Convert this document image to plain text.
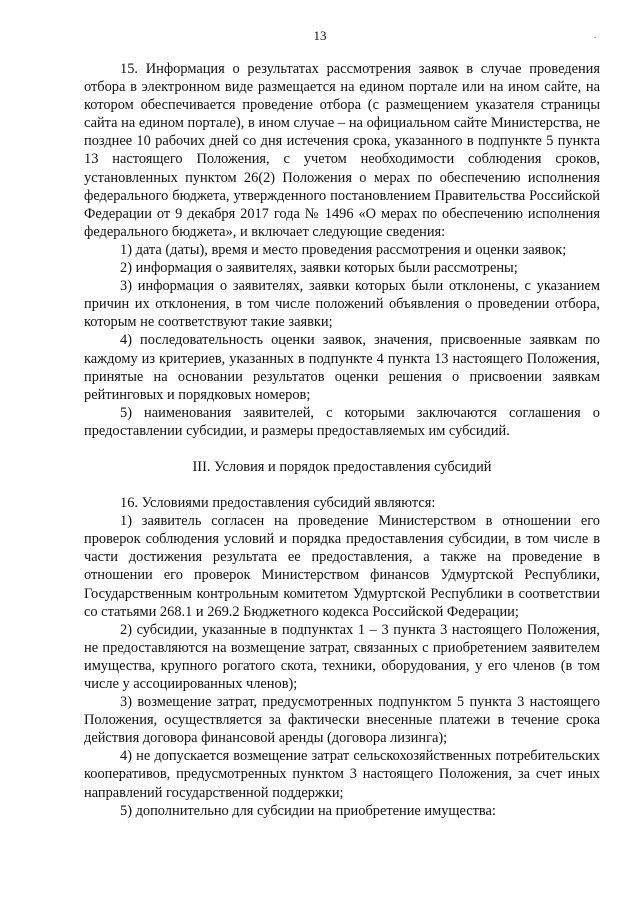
13	.

15. Информация о результатах рассмотрения заявок в случае проведения отбора в электронном виде размещается на едином портале или на ином сайте, на котором обеспечивается проведение отбора (с размещением указателя страницы сайта на едином портале), в ином случае – на официальном сайте Министерства, не позднее 10 рабочих дней со дня истечения срока, указанного в подпункте 5 пункта 13 настоящего Положения, с учетом необходимости соблюдения сроков, установленных пунктом 26(2) Положения о мерах по обеспечению исполнения федерального бюджета, утвержденного постановлением Правительства Российской Федерации от 9 декабря 2017 года № 1496 «О мерах по обеспечению исполнения федерального бюджета», и включает следующие сведения:

1) дата (даты), время и место проведения рассмотрения и оценки заявок;

2) информация о заявителях, заявки которых были рассмотрены;

3) информация о заявителях, заявки которых были отклонены, с указанием причин их отклонения, в том числе положений объявления о проведении отбора, которым не соответствуют такие заявки;

4) последовательность оценки заявок, значения, присвоенные заявкам по каждому из критериев, указанных в подпункте 4 пункта 13 настоящего Положения, принятые на основании результатов оценки решения о присвоении заявкам рейтинговых и порядковых номеров;

5) наименования заявителей, с которыми заключаются соглашения о предоставлении субсидии, и размеры предоставляемых им субсидий.

III. Условия и порядок предоставления субсидий

16. Условиями предоставления субсидий являются:

1) заявитель согласен на проведение Министерством в отношении его проверок соблюдения условий и порядка предоставления субсидии, в том числе в части достижения результата ее предоставления, а также на проведение в отношении его проверок Министерством финансов Удмуртской Республики, Государственным контрольным комитетом Удмуртской Республики в соответствии со статьями 268.1 и 269.2 Бюджетного кодекса Российской Федерации;

2) субсидии, указанные в подпунктах 1 – 3 пункта 3 настоящего Положения, не предоставляются на возмещение затрат, связанных с приобретением заявителем имущества, крупного рогатого скота, техники, оборудования, у его членов (в том числе у ассоциированных членов);

3) возмещение затрат, предусмотренных подпунктом 5 пункта 3 настоящего Положения, осуществляется за фактически внесенные платежи в течение срока действия договора финансовой аренды (договора лизинга);

4) не допускается возмещение затрат сельскохозяйственных потребительских кооперативов, предусмотренных пунктом 3 настоящего Положения, за счет иных направлений государственной поддержки;

5) дополнительно для субсидии на приобретение имущества:
